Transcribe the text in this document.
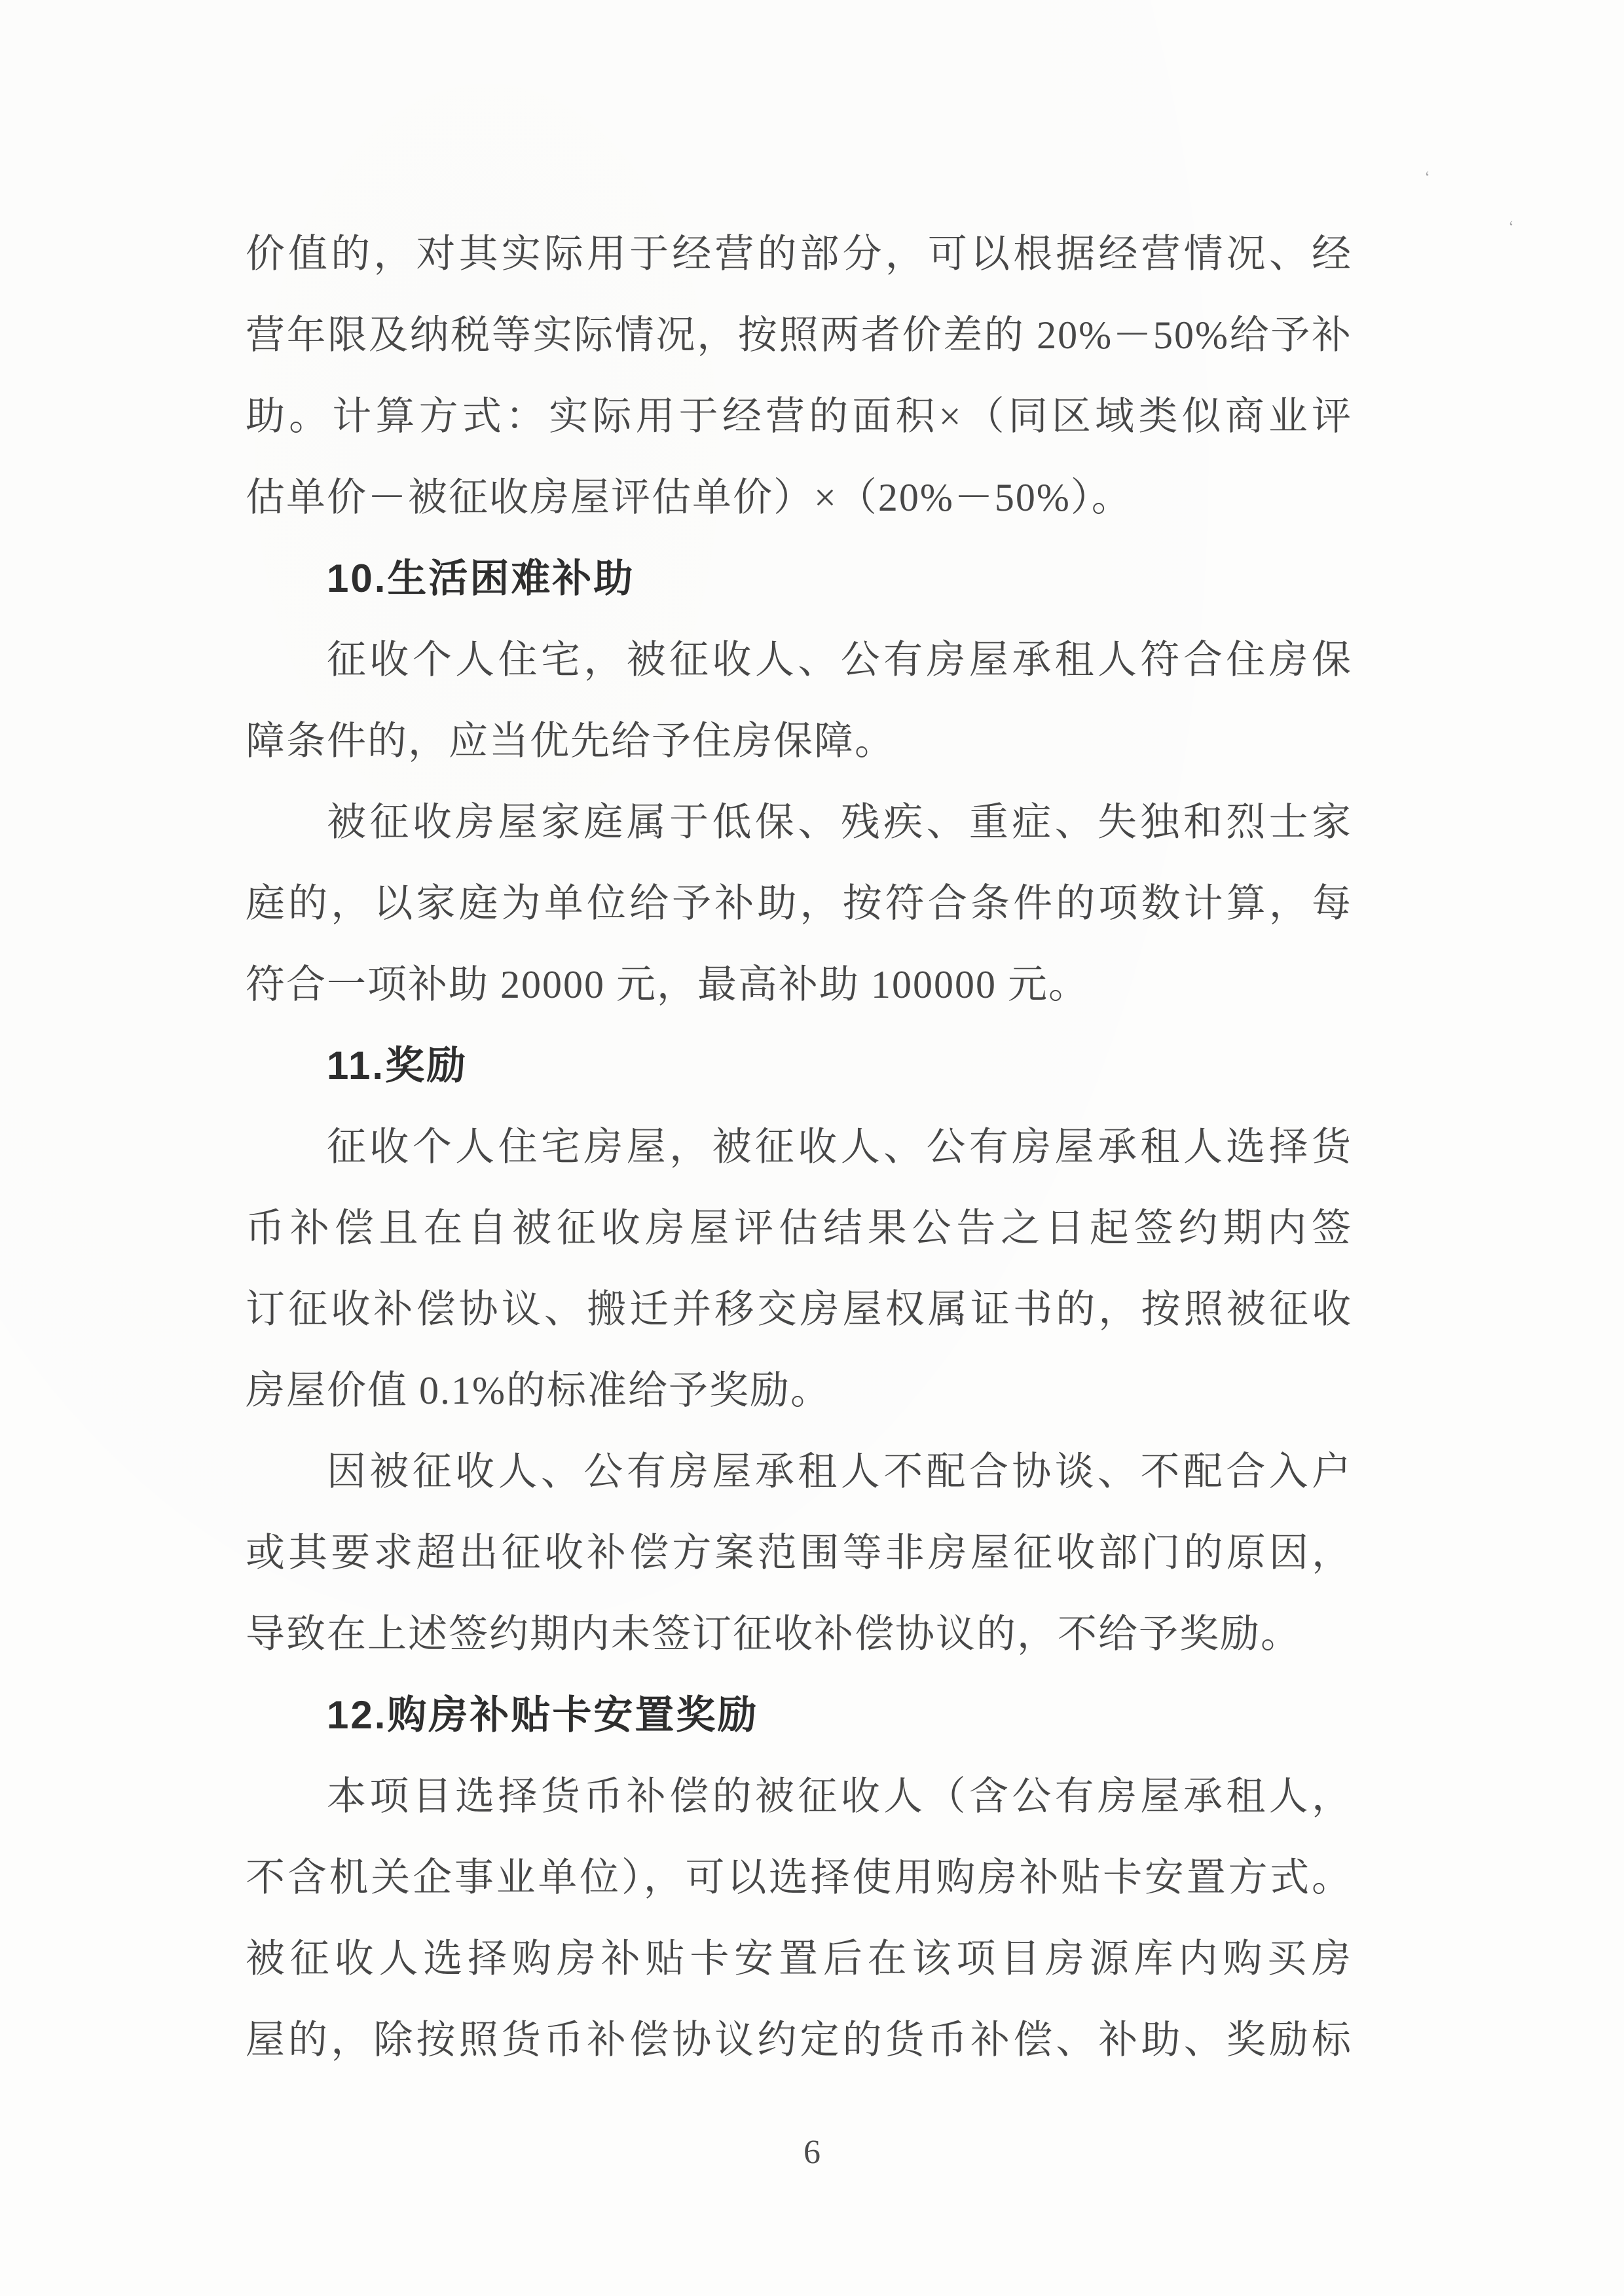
价值的，对其实际用于经营的部分，可以根据经营情况、经
营年限及纳税等实际情况，按照两者价差的 20%－50%给予补
助。计算方式：实际用于经营的面积×（同区域类似商业评
估单价－被征收房屋评估单价）×（20%－50%）。
10.生活困难补助
征收个人住宅，被征收人、公有房屋承租人符合住房保
障条件的，应当优先给予住房保障。
被征收房屋家庭属于低保、残疾、重症、失独和烈士家
庭的，以家庭为单位给予补助，按符合条件的项数计算，每
符合一项补助 20000 元，最高补助 100000 元。
11.奖励
征收个人住宅房屋，被征收人、公有房屋承租人选择货
币补偿且在自被征收房屋评估结果公告之日起签约期内签
订征收补偿协议、搬迁并移交房屋权属证书的，按照被征收
房屋价值 0.1%的标准给予奖励。
因被征收人、公有房屋承租人不配合协谈、不配合入户
或其要求超出征收补偿方案范围等非房屋征收部门的原因，
导致在上述签约期内未签订征收补偿协议的，不给予奖励。
12.购房补贴卡安置奖励
本项目选择货币补偿的被征收人（含公有房屋承租人，
不含机关企事业单位），可以选择使用购房补贴卡安置方式。
被征收人选择购房补贴卡安置后在该项目房源库内购买房
屋的，除按照货币补偿协议约定的货币补偿、补助、奖励标
6
‘
‘
